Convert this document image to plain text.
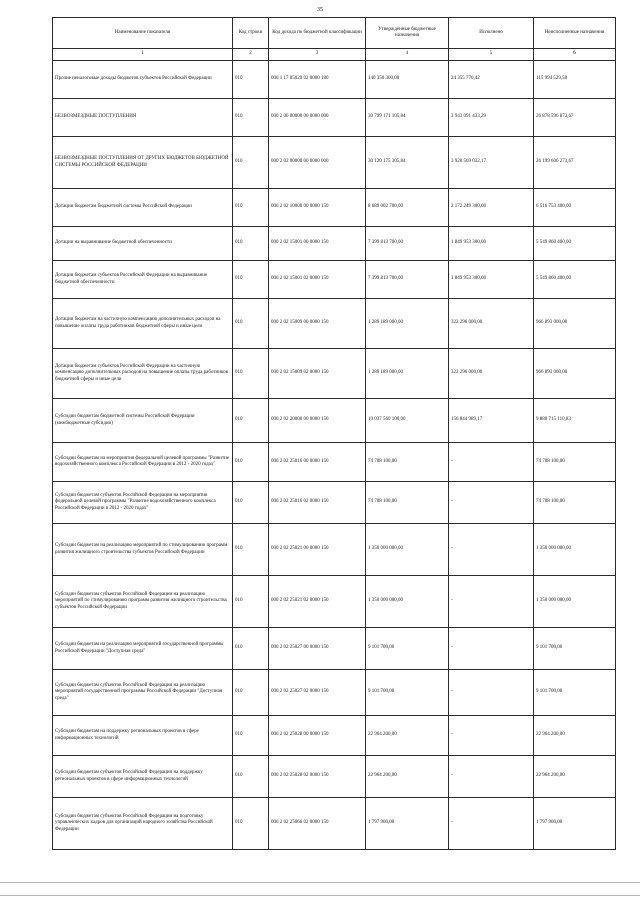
35
Наименование показателя	Код строки	Код дохода по бюджетной классификации	Утвержденные бюджетные назначения	Исполнено	Неисполненные назначения
1	2	3	4	5	6
Прочие неналоговые доходы бюджетов субъектов Российской Федерации	010	000 1 17 05020 02 0000 180	140 350 300,00	24 355 770,42	115 994 529,58
БЕЗВОЗМЕЗДНЫЕ ПОСТУПЛЕНИЯ	010	000 2 00 00000 00 0000 000	30 799 171 105,84	3 943 091 433,29	26 878 596 873,67
БЕЗВОЗМЕЗДНЫЕ ПОСТУПЛЕНИЯ ОТ ДРУГИХ БЮДЖЕТОВ БЮДЖЕТНОЙ СИСТЕМЫ РОССИЙСКОЙ ФЕДЕРАЦИИ	010	000 2 02 00000 00 0000 000	30 120 175 305,84	3 920 569 032,17	26 199 606 273,67
Дотации бюджетам бюджетной системы Российской Федерации	010	000 2 02 10000 00 0000 150	8 689 002 700,00	2 172 249 300,00	6 516 753 400,00
Дотации на выравнивание бюджетной обеспеченности	010	000 2 02 15001 00 0000 150	7 399 813 700,00	1 849 953 300,00	5 549 860 400,00
Дотации бюджетам субъектов Российской Федерации на выравнивание бюджетной обеспеченности	010	000 2 02 15001 02 0000 150	7 399 813 700,00	1 849 953 300,00	5 549 860 400,00
Дотации бюджетам на частичную компенсацию дополнительных расходов на повышение оплаты труда работников бюджетной сферы и иные цели	010	000 2 02 15009 00 0000 150	1 289 189 000,00	322 296 000,00	966 893 000,00
Дотации бюджетам субъектов Российской Федерации на частичную компенсацию дополнительных расходов на повышение оплаты труда работников бюджетной сферы и иные цели	010	000 2 02 15009 02 0000 150	1 289 189 000,00	322 296 000,00	966 893 000,00
Субсидии бюджетам бюджетной системы Российской Федерации (межбюджетные субсидии)	010	000 2 02 20000 00 0000 150	10 037 560 100,00	156 844 989,17	9 880 715 110,83
Субсидии бюджетам на мероприятия федеральной целевой программы "Развитие водохозяйственного комплекса Российской Федерации в 2012 - 2020 годах"	010	000 2 02 25016 00 0000 150	74 708 100,00	-	74 708 100,00
Субсидии бюджетам субъектов Российской Федерации на мероприятия федеральной целевой программы "Развитие водохозяйственного комплекса Российской Федерации в 2012 - 2020 годах"	010	000 2 02 25016 02 0000 150	74 708 100,00	-	74 708 100,00
Субсидии бюджетам на реализацию мероприятий по стимулированию программ развития жилищного строительства субъектов Российской Федерации	010	000 2 02 25021 00 0000 150	1 350 000 000,00	-	1 350 000 000,00
Субсидии бюджетам субъектов Российской Федерации на реализацию мероприятий по стимулированию программ развития жилищного строительства субъектов Российской Федерации	010	000 2 02 25021 02 0000 150	1 350 000 000,00	-	1 350 000 000,00
Субсидии бюджетам на реализацию мероприятий государственной программы Российской Федерации "Доступная среда"	010	000 2 02 25027 00 0000 150	9 101 700,00	-	9 101 700,00
Субсидии бюджетам субъектов Российской Федерации на реализацию мероприятий государственной программы Российской Федерации "Доступная среда"	010	000 2 02 25027 02 0000 150	9 101 700,00	-	9 101 700,00
Субсидии бюджетам на поддержку региональных проектов в сфере информационных технологий	010	000 2 02 25028 00 0000 150	22 964 200,00	-	22 964 200,00
Субсидии бюджетам субъектов Российской Федерации на поддержку региональных проектов в сфере информационных технологий	010	000 2 02 25028 02 0000 150	22 964 200,00	-	22 964 200,00
Субсидии бюджетам субъектов Российской Федерации на подготовку управленческих кадров для организаций народного хозяйства Российской Федерации	010	000 2 02 25066 02 0000 150	1 797 900,00	-	1 797 900,00
